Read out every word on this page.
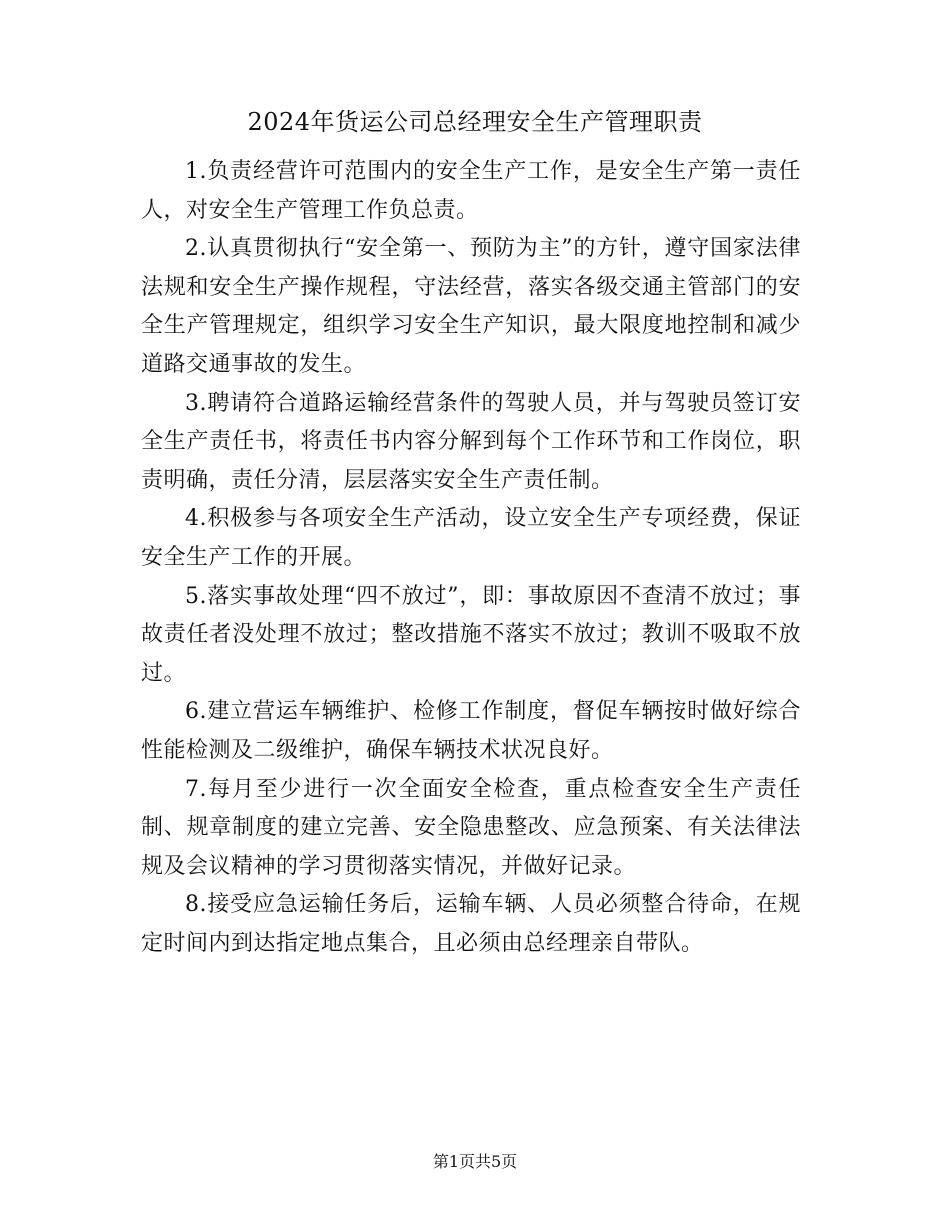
2024年货运公司总经理安全生产管理职责

1.负责经营许可范围内的安全生产工作，是安全生产第一责任人，对安全生产管理工作负总责。

2.认真贯彻执行“安全第一、预防为主”的方针，遵守国家法律法规和安全生产操作规程，守法经营，落实各级交通主管部门的安全生产管理规定，组织学习安全生产知识，最大限度地控制和减少道路交通事故的发生。

3.聘请符合道路运输经营条件的驾驶人员，并与驾驶员签订安全生产责任书，将责任书内容分解到每个工作环节和工作岗位，职责明确，责任分清，层层落实安全生产责任制。

4.积极参与各项安全生产活动，设立安全生产专项经费，保证安全生产工作的开展。

5.落实事故处理“四不放过”，即：事故原因不查清不放过；事故责任者没处理不放过；整改措施不落实不放过；教训不吸取不放过。

6.建立营运车辆维护、检修工作制度，督促车辆按时做好综合性能检测及二级维护，确保车辆技术状况良好。

7.每月至少进行一次全面安全检查，重点检查安全生产责任制、规章制度的建立完善、安全隐患整改、应急预案、有关法律法规及会议精神的学习贯彻落实情况，并做好记录。

8.接受应急运输任务后，运输车辆、人员必须整合待命，在规定时间内到达指定地点集合，且必须由总经理亲自带队。

第1页共5页
